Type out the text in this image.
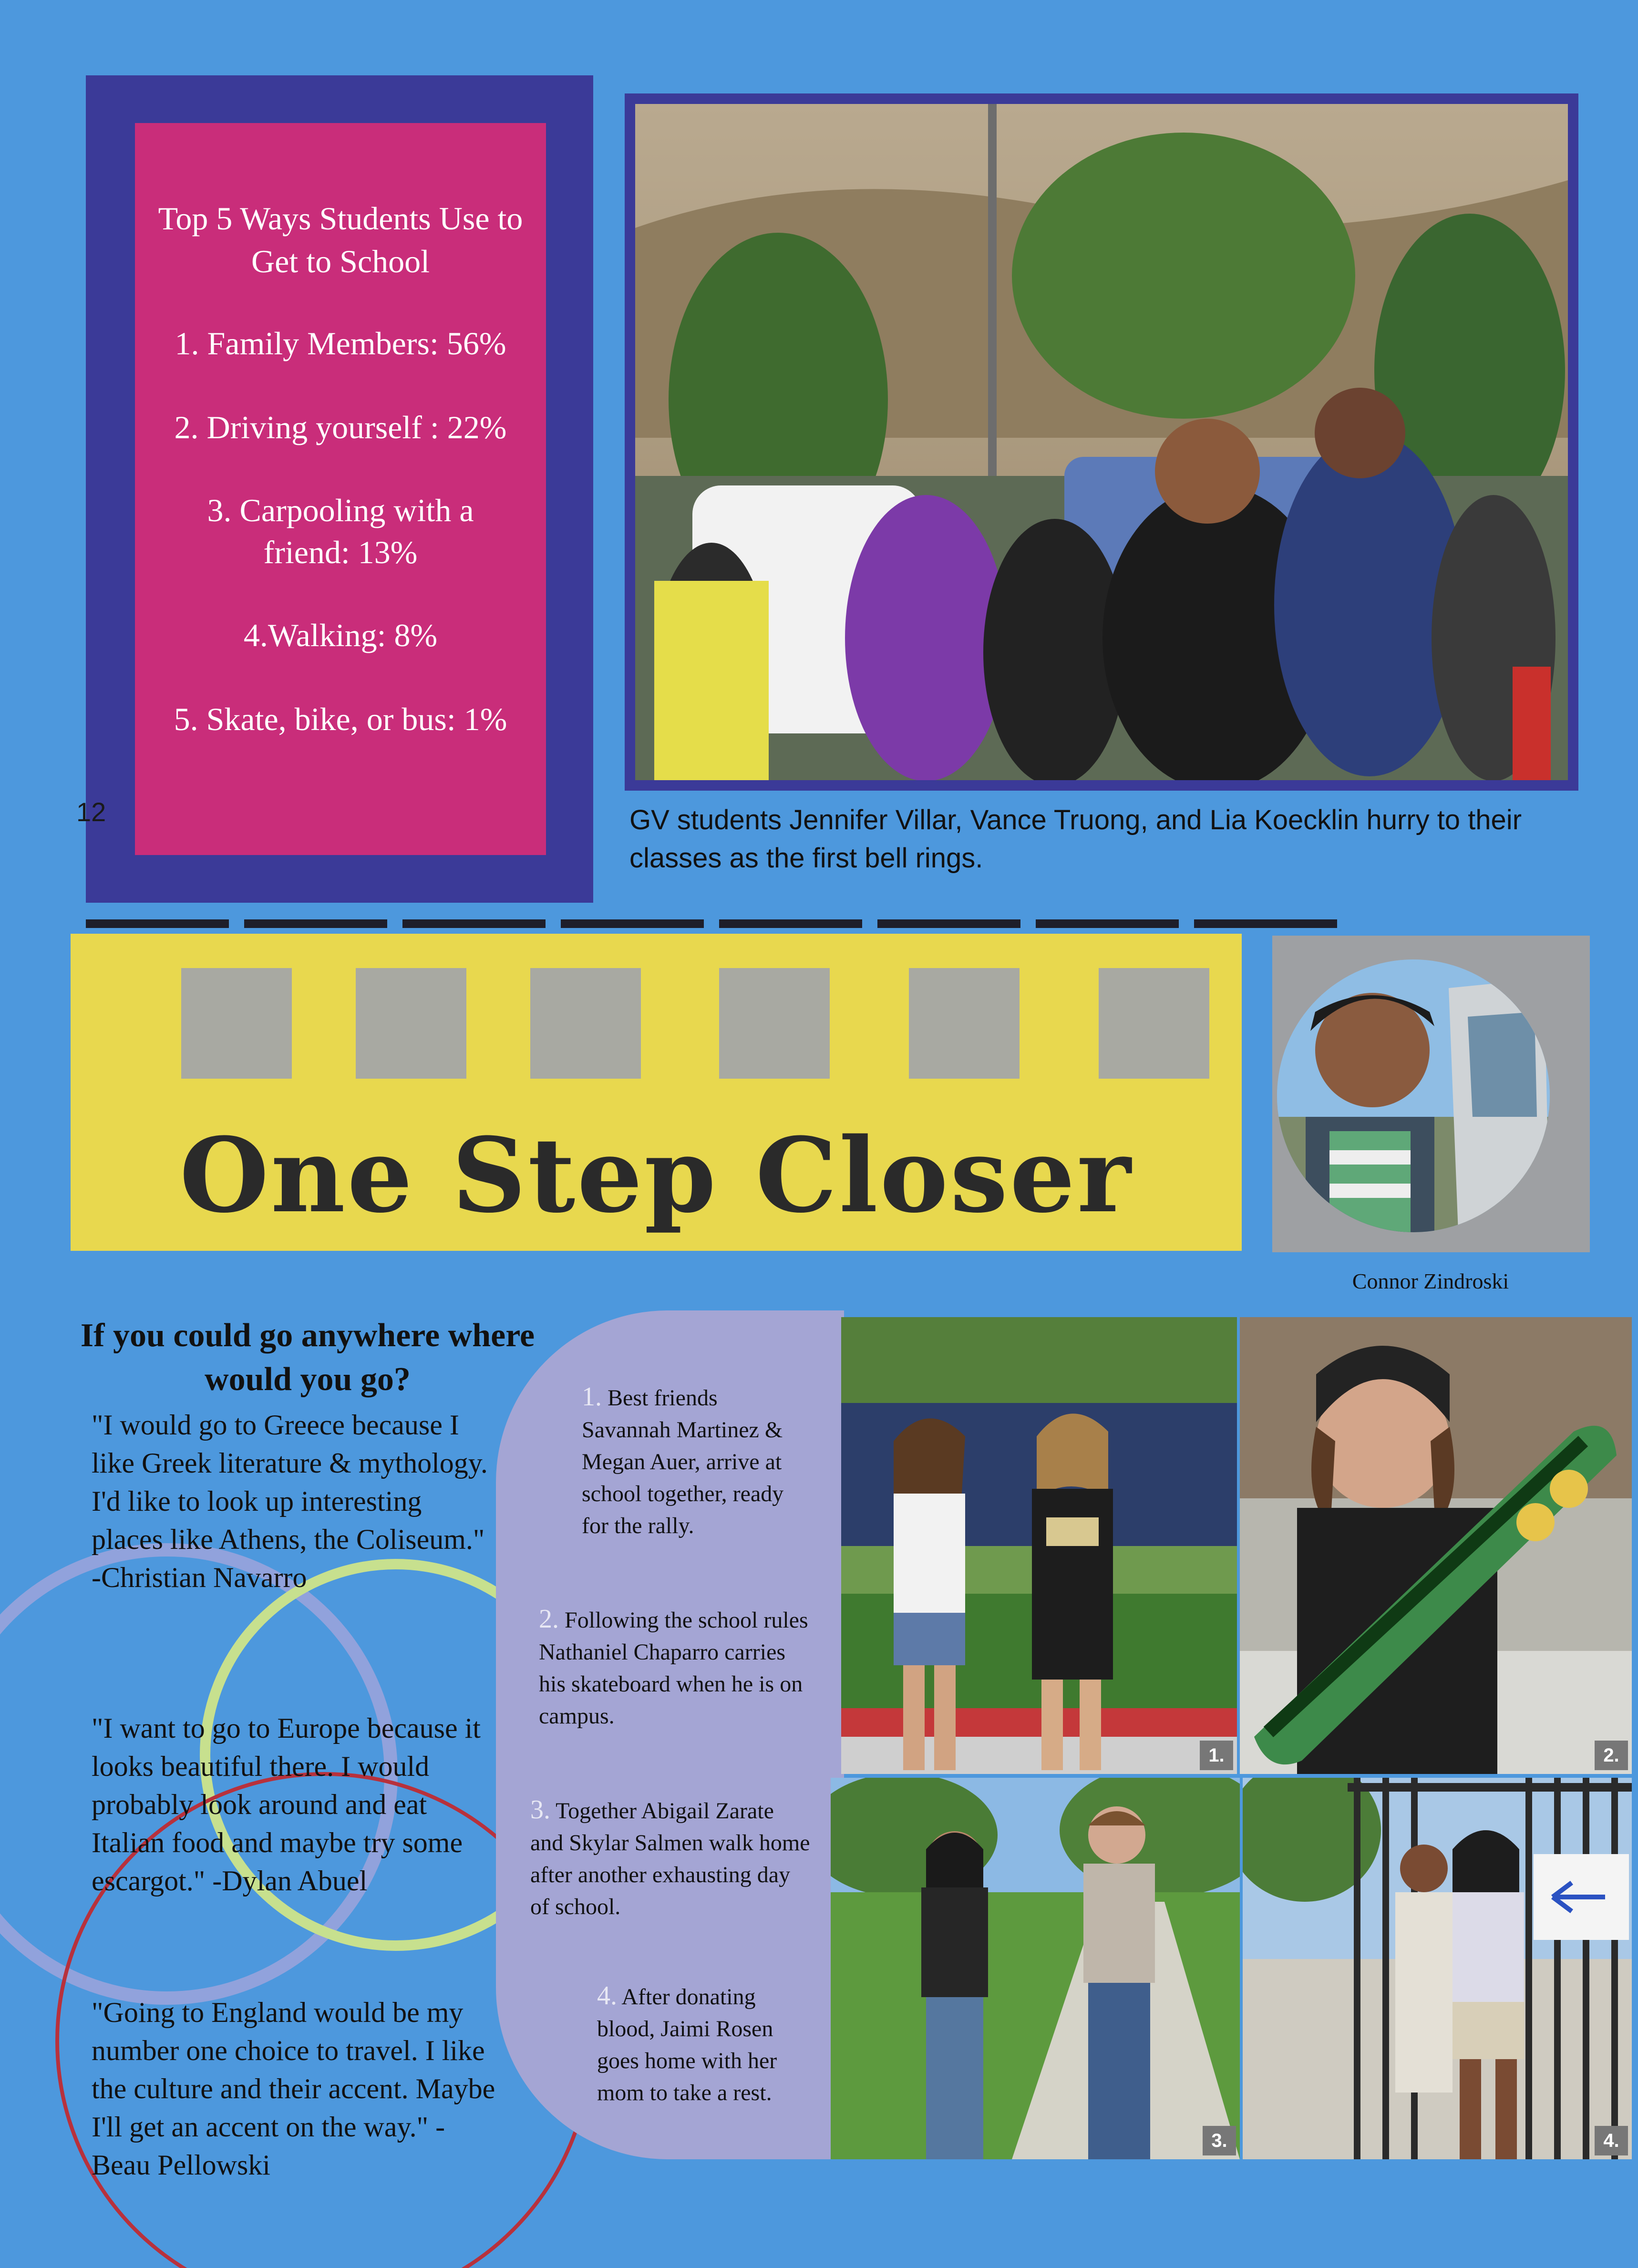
Top 5 Ways Students Use to Get to School
1. Family Members: 56%
2. Driving yourself : 22%
3. Carpooling with a friend: 13%
4.Walking: 8%
5. Skate, bike, or bus: 1%
12	GV students Jennifer Villar, Vance Truong, and Lia Koecklin hurry to their classes as the first bell rings.
One Step Closer
Connor Zindroski
If you could go anywhere where would you go?
"I would go to Greece because I like Greek literature & mythology. I'd like to look up interesting places like Athens, the Coliseum." -Christian Navarro
"I want to go to Europe because it looks beautiful there. I would probably look around and eat Italian food and maybe try some escargot." -Dylan Abuel
"Going to England would be my number one choice to travel. I like the culture and their accent. Maybe I'll get an accent on the way." -Beau Pellowski
1. Best friends Savannah Martinez & Megan Auer, arrive at school together, ready for the rally.
2. Following the school rules Nathaniel Chaparro carries his skateboard when he is on campus.
3. Together Abigail Zarate and Skylar Salmen walk home after another exhausting day of school.
4. After donating blood, Jaimi Rosen goes home with her mom to take a rest.
1.	2.
3.	4.
